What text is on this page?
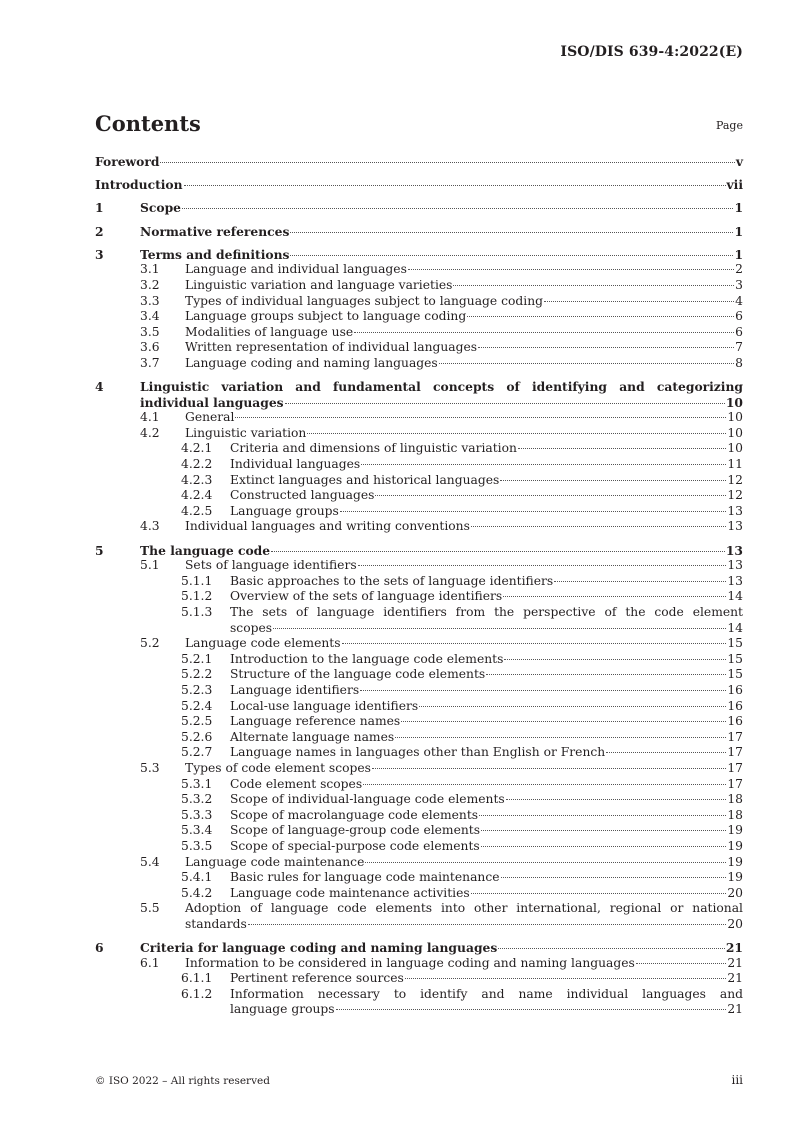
ISO/DIS 639-4:2022(E)
Contents	Page
Foreword	v
Introduction	vii
1	Scope	1
2	Normative references	1
3	Terms and definitions	1
3.1 Language and individual languages	2
3.2 Linguistic variation and language varieties	3
3.3 Types of individual languages subject to language coding	4
3.4 Language groups subject to language coding	6
3.5 Modalities of language use	6
3.6 Written representation of individual languages	7
3.7 Language coding and naming languages	8
4	Linguistic variation and fundamental concepts of identifying and categorizing
individual languages	10
4.1 General	10
4.2 Linguistic variation	10
4.2.1 Criteria and dimensions of linguistic variation	10
4.2.2 Individual languages	11
4.2.3 Extinct languages and historical languages	12
4.2.4 Constructed languages	12
4.2.5 Language groups	13
4.3 Individual languages and writing conventions	13
5	The language code	13
5.1 Sets of language identifiers	13
5.1.1 Basic approaches to the sets of language identifiers	13
5.1.2 Overview of the sets of language identifiers	14
5.1.3 The sets of language identifiers from the perspective of the code element
scopes	14
5.2 Language code elements	15
5.2.1 Introduction to the language code elements	15
5.2.2 Structure of the language code elements	15
5.2.3 Language identifiers	16
5.2.4 Local-use language identifiers	16
5.2.5 Language reference names	16
5.2.6 Alternate language names	17
5.2.7 Language names in languages other than English or French	17
5.3 Types of code element scopes	17
5.3.1 Code element scopes	17
5.3.2 Scope of individual-language code elements	18
5.3.3 Scope of macrolanguage code elements	18
5.3.4 Scope of language-group code elements	19
5.3.5 Scope of special-purpose code elements	19
5.4 Language code maintenance	19
5.4.1 Basic rules for language code maintenance	19
5.4.2 Language code maintenance activities	20
5.5 Adoption of language code elements into other international, regional or national
standards	20
6	Criteria for language coding and naming languages	21
6.1 Information to be considered in language coding and naming languages	21
6.1.1 Pertinent reference sources	21
6.1.2 Information necessary to identify and name individual languages and
language groups	21
© ISO 2022 – All rights reserved	iii
